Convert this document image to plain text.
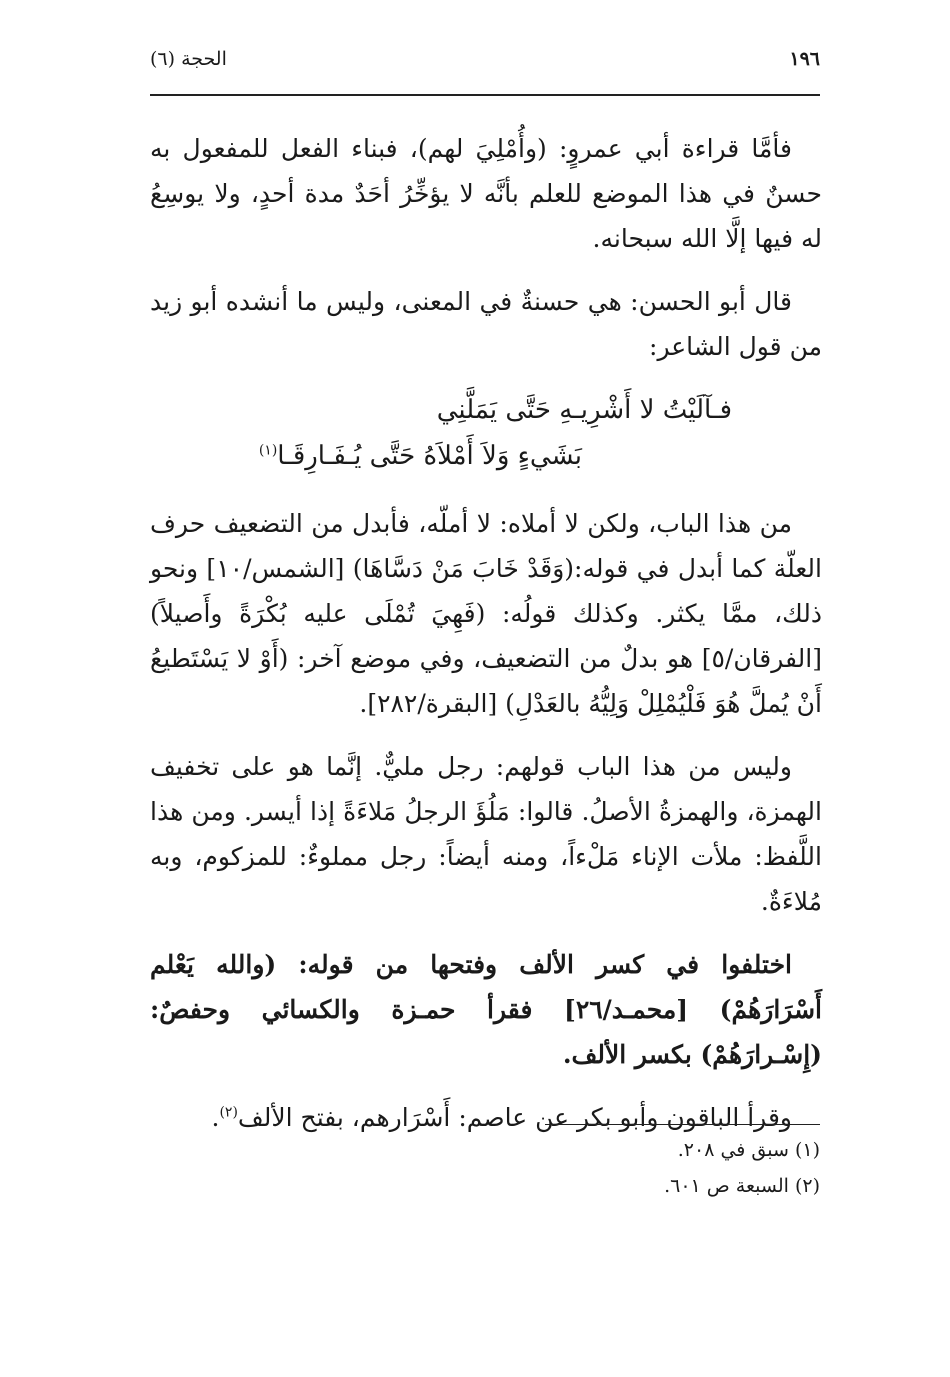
١٩٦
الحجة (٦)

فأمَّا قراءة أبي عمروٍ: (وأُمْلِيَ لهم)، فبناء الفعل للمفعول به حسنٌ في هذا الموضع للعلم بأنَّه لا يؤخِّرُ أحَدٌ مدة أحدٍ، ولا يوسِعُ له فيها إلَّا الله سبحانه.

قال أبو الحسن: هي حسنةٌ في المعنى، وليس ما أنشده أبو زيد من قول الشاعر:

فـآلَيْتُ لا أَشْرِيـهِ حَتَّى يَمَلَّنِي
بَشَيءٍ وَلاَ أَمْلاَهُ حَتَّى يُـفَـارِقَـا$^{(١)}$

من هذا الباب، ولكن لا أملاه: لا أملّه، فأبدل من التضعيف حرف العلّة كما أبدل في قوله:(وَقَدْ خَابَ مَنْ دَسَّاهَا) [الشمس/١٠] ونحو ذلك، ممَّا يكثر. وكذلك قولُه: (فَهِيَ تُمْلَى عليه بُكْرَةً وأَصيلاً) [الفرقان/٥] هو بدلٌ من التضعيف، وفي موضع آخر: (أَوْ لا يَسْتَطيعُ أَنْ يُملَّ هُوَ فَلْيُمْلِلْ وَلِيُّهُ بالعَدْلِ) [البقرة/٢٨٢].

وليس من هذا الباب قولهم: رجل مليٌّ. إنَّما هو على تخفيف الهمزة، والهمزةُ الأصلُ. قالوا: مَلُؤَ الرجلُ مَلاءَةً إذا أيسر. ومن هذا اللَّفظ: ملأت الإناء مَلْءاً، ومنه أيضاً: رجل مملوءٌ: للمزكوم، وبه مُلاءَةٌ.

اختلفوا في كسر الألف وفتحها من قوله: (والله يَعْلم أَسْرَارَهُمْ) [محمـد/٢٦] فقرأ حمـزة والكسائي وحفصٌ: (إِسْـرارَهُمْ) بكسر الألف.

وقرأ الباقون وأبو بكر عن عاصم: أَسْرَارهم، بفتح الألف$^{(٢)}$.

(١) سبق في ٢٠٨.
(٢) السبعة ص ٦٠١.
